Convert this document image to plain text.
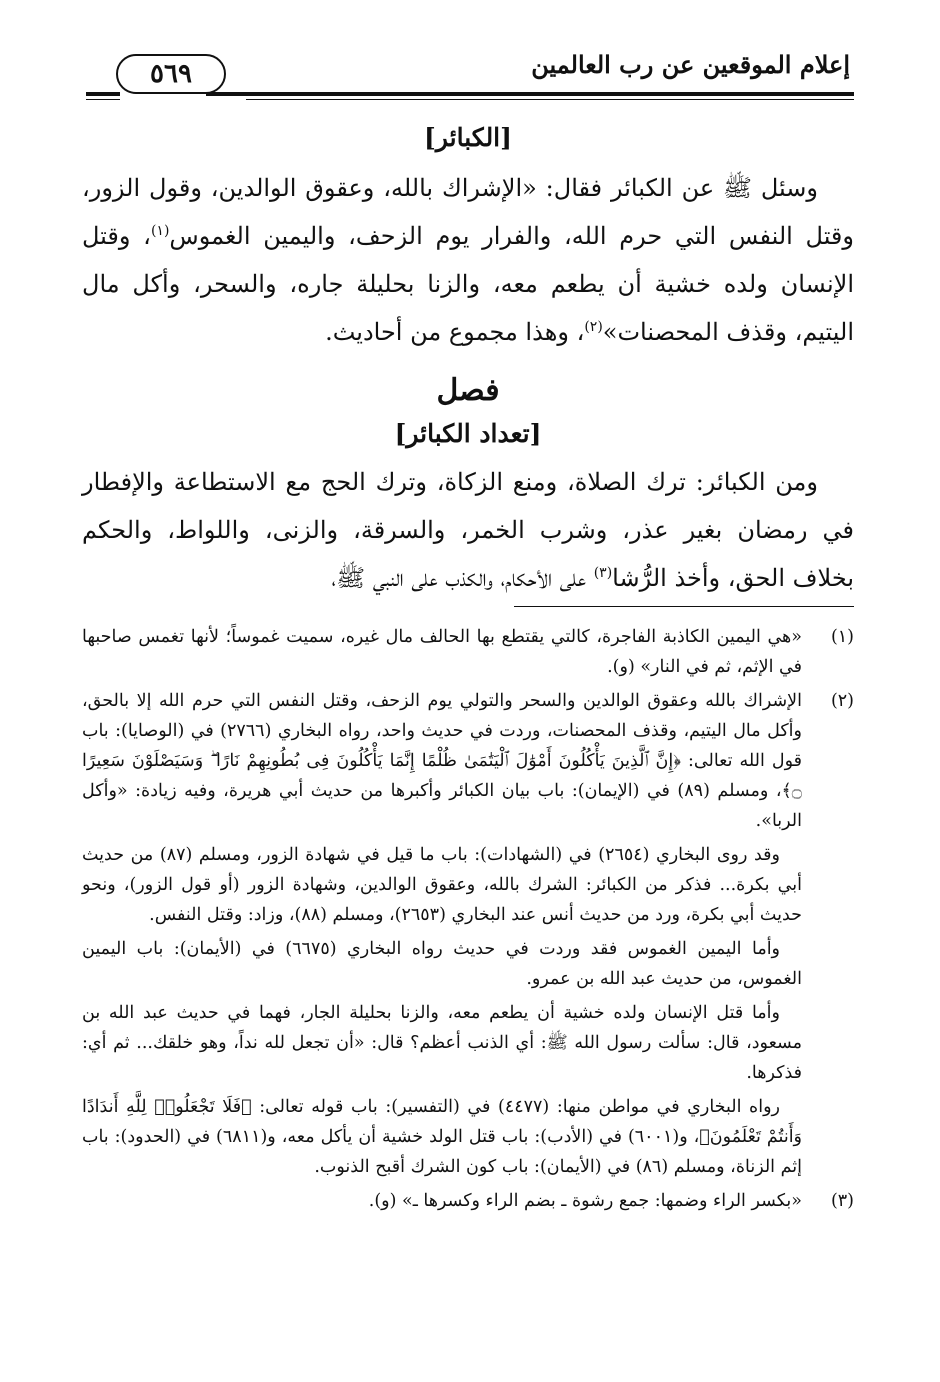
إعلام الموقعين عن رب العالمين
٥٦٩
[الكبائر]

وسئل ﷺ عن الكبائر فقال: «الإشراك بالله، وعقوق الوالدين، وقول الزور، وقتل النفس التي حرم الله، والفرار يوم الزحف، واليمين الغموس$^{(١)}$، وقتل الإنسان ولده خشية أن يطعم معه، والزنا بحليلة جاره، والسحر، وأكل مال اليتيم، وقذف المحصنات»$^{(٢)}$، وهذا مجموع من أحاديث.

فصل
[تعداد الكبائر]

ومن الكبائر: ترك الصلاة، ومنع الزكاة، وترك الحج مع الاستطاعة والإفطار في رمضان بغير عذر، وشرب الخمر، والسرقة، والزنى، واللواط، والحكم بخلاف الحق، وأخذ الرُّشا$^{(٣)}$ على الأحكام، والكذب على النبي ﷺ،

(١)
«هي اليمين الكاذبة الفاجرة، كالتي يقتطع بها الحالف مال غيره، سميت غموساً؛ لأنها تغمس صاحبها في الإثم، ثم في النار» (و).
(٢)
الإشراك بالله وعقوق الوالدين والسحر والتولي يوم الزحف، وقتل النفس التي حرم الله إلا بالحق، وأكل مال اليتيم، وقذف المحصنات، وردت في حديث واحد، رواه البخاري (٢٧٦٦) في (الوصايا): باب قول الله تعالى: ﴿إِنَّ ٱلَّذِينَ يَأْكُلُونَ أَمْوَٰلَ ٱلْيَتَٰمَىٰ ظُلْمًا إِنَّمَا يَأْكُلُونَ فِى بُطُونِهِمْ نَارًا ۖ وَسَيَصْلَوْنَ سَعِيرًا ۝﴾، ومسلم (٨٩) في (الإيمان): باب بيان الكبائر وأكبرها من حديث أبي هريرة، وفيه زيادة: «وأكل الربا».

وقد روى البخاري (٢٦٥٤) في (الشهادات): باب ما قيل في شهادة الزور، ومسلم (٨٧) من حديث أبي بكرة... فذكر من الكبائر: الشرك بالله، وعقوق الوالدين، وشهادة الزور (أو قول الزور)، ونحو حديث أبي بكرة، ورد من حديث أنس عند البخاري (٢٦٥٣)، ومسلم (٨٨)، وزاد: وقتل النفس.

وأما اليمين الغموس فقد وردت في حديث رواه البخاري (٦٦٧٥) في (الأيمان): باب اليمين الغموس، من حديث عبد الله بن عمرو.

وأما قتل الإنسان ولده خشية أن يطعم معه، والزنا بحليلة الجار، فهما في حديث عبد الله بن مسعود، قال: سألت رسول الله ﷺ: أي الذنب أعظم؟ قال: «أن تجعل لله نداً، وهو خلقك... ثم أي: فذكرها.

رواه البخاري في مواطن منها: (٤٤٧٧) في (التفسير): باب قوله تعالى: ﴿فَلَا تَجْعَلُوا۟ لِلَّهِ أَندَادًا وَأَنتُمْ تَعْلَمُونَ﴾، و(٦٠٠١) في (الأدب): باب قتل الولد خشية أن يأكل معه، و(٦٨١١) في (الحدود): باب إثم الزناة، ومسلم (٨٦) في (الأيمان): باب كون الشرك أقبح الذنوب.

(٣)
«بكسر الراء وضمها: جمع رشوة ـ بضم الراء وكسرها ـ» (و).
